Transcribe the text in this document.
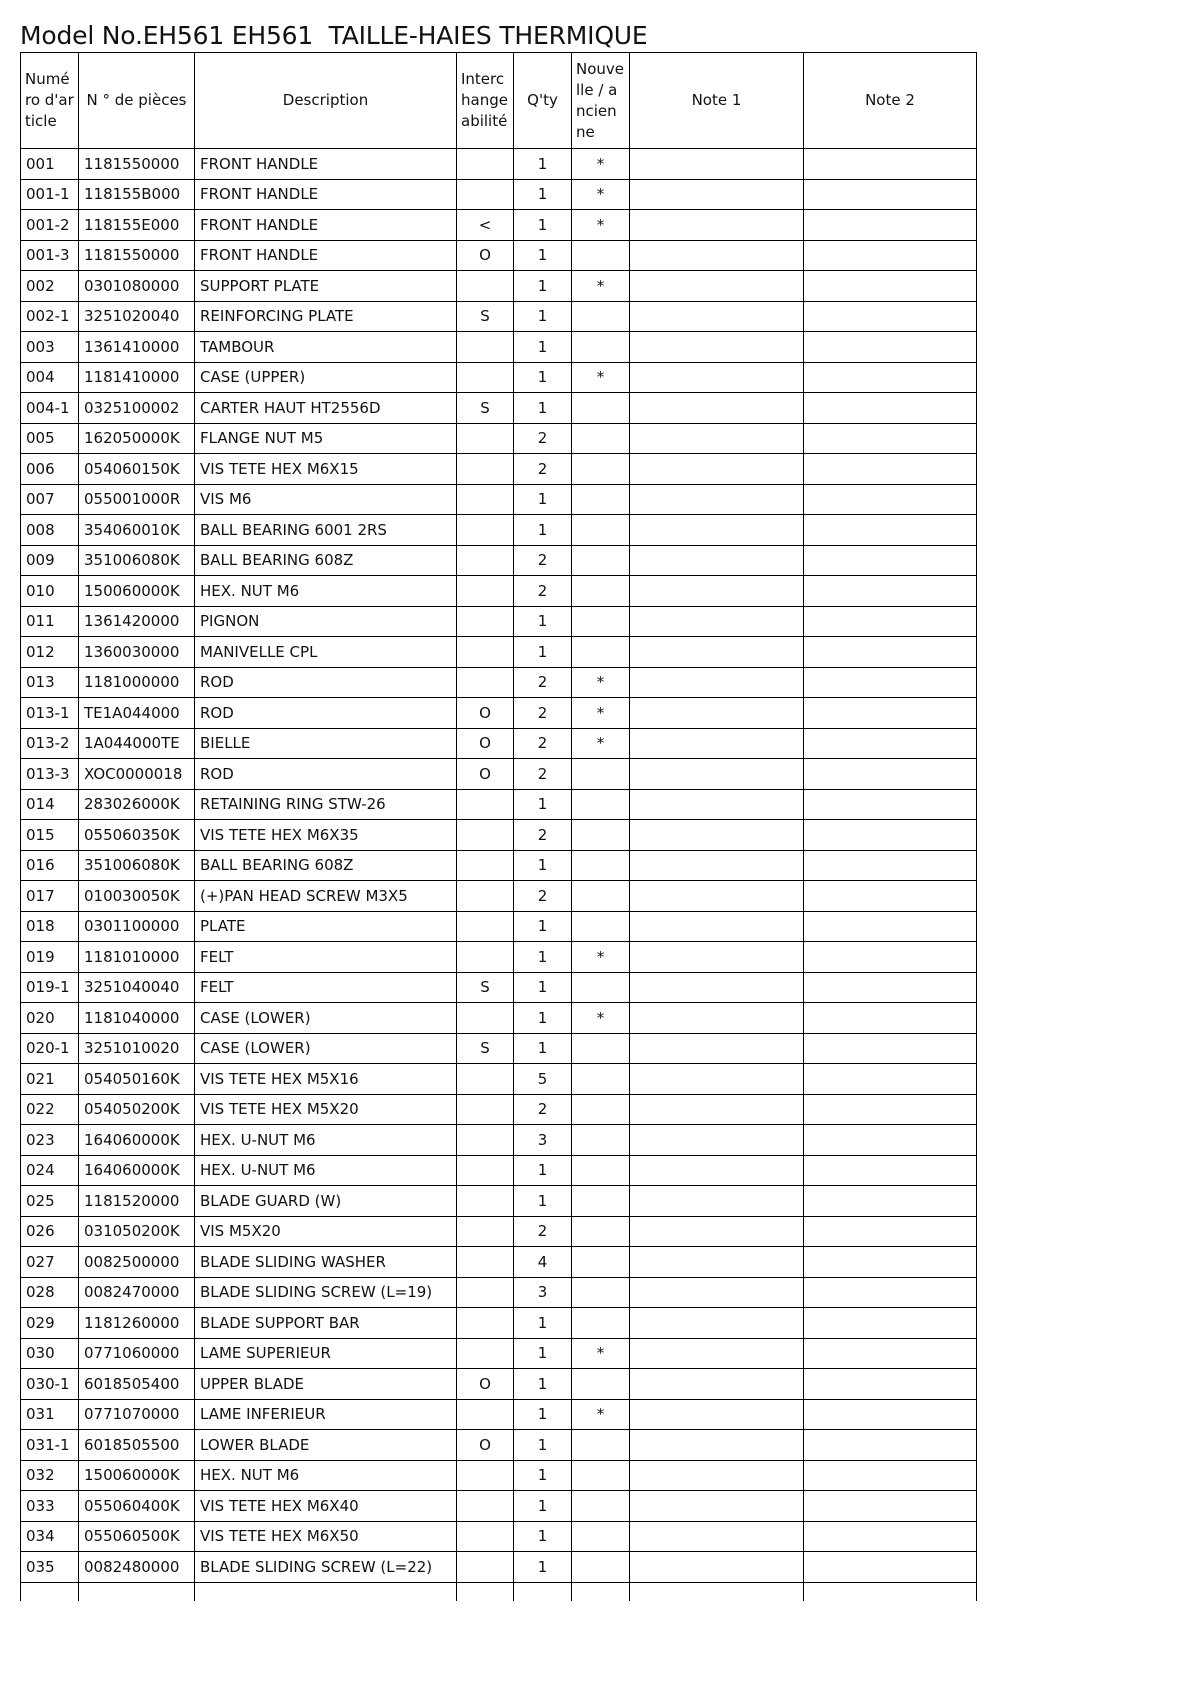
Model No.EH561 EH561  TAILLE-HAIES THERMIQUE
Numéro d'article	N ° de pièces	Description	Interchangeabilité	Q'ty	Nouvelle / ancienne	Note 1	Note 2
001	1181550000	FRONT HANDLE		1	*		
001-1	118155B000	FRONT HANDLE		1	*		
001-2	118155E000	FRONT HANDLE	<	1	*		
001-3	1181550000	FRONT HANDLE	O	1			
002	0301080000	SUPPORT PLATE		1	*		
002-1	3251020040	REINFORCING PLATE	S	1			
003	1361410000	TAMBOUR		1			
004	1181410000	CASE (UPPER)		1	*		
004-1	0325100002	CARTER HAUT HT2556D	S	1			
005	162050000K	FLANGE NUT M5		2			
006	054060150K	VIS TETE HEX M6X15		2			
007	055001000R	VIS M6		1			
008	354060010K	BALL BEARING 6001 2RS		1			
009	351006080K	BALL BEARING 608Z		2			
010	150060000K	HEX. NUT M6		2			
011	1361420000	PIGNON		1			
012	1360030000	MANIVELLE CPL		1			
013	1181000000	ROD		2	*		
013-1	TE1A044000	ROD	O	2	*		
013-2	1A044000TE	BIELLE	O	2	*		
013-3	XOC0000018	ROD	O	2			
014	283026000K	RETAINING RING STW-26		1			
015	055060350K	VIS TETE HEX M6X35		2			
016	351006080K	BALL BEARING 608Z		1			
017	010030050K	(+)PAN HEAD SCREW M3X5		2			
018	0301100000	PLATE		1			
019	1181010000	FELT		1	*		
019-1	3251040040	FELT	S	1			
020	1181040000	CASE (LOWER)		1	*		
020-1	3251010020	CASE (LOWER)	S	1			
021	054050160K	VIS TETE HEX M5X16		5			
022	054050200K	VIS TETE HEX M5X20		2			
023	164060000K	HEX. U-NUT M6		3			
024	164060000K	HEX. U-NUT M6		1			
025	1181520000	BLADE GUARD (W)		1			
026	031050200K	VIS M5X20		2			
027	0082500000	BLADE SLIDING WASHER		4			
028	0082470000	BLADE SLIDING SCREW (L=19)		3			
029	1181260000	BLADE SUPPORT BAR		1			
030	0771060000	LAME SUPERIEUR		1	*		
030-1	6018505400	UPPER BLADE	O	1			
031	0771070000	LAME INFERIEUR		1	*		
031-1	6018505500	LOWER BLADE	O	1			
032	150060000K	HEX. NUT M6		1			
033	055060400K	VIS TETE HEX M6X40		1			
034	055060500K	VIS TETE HEX M6X50		1			
035	0082480000	BLADE SLIDING SCREW (L=22)		1			
